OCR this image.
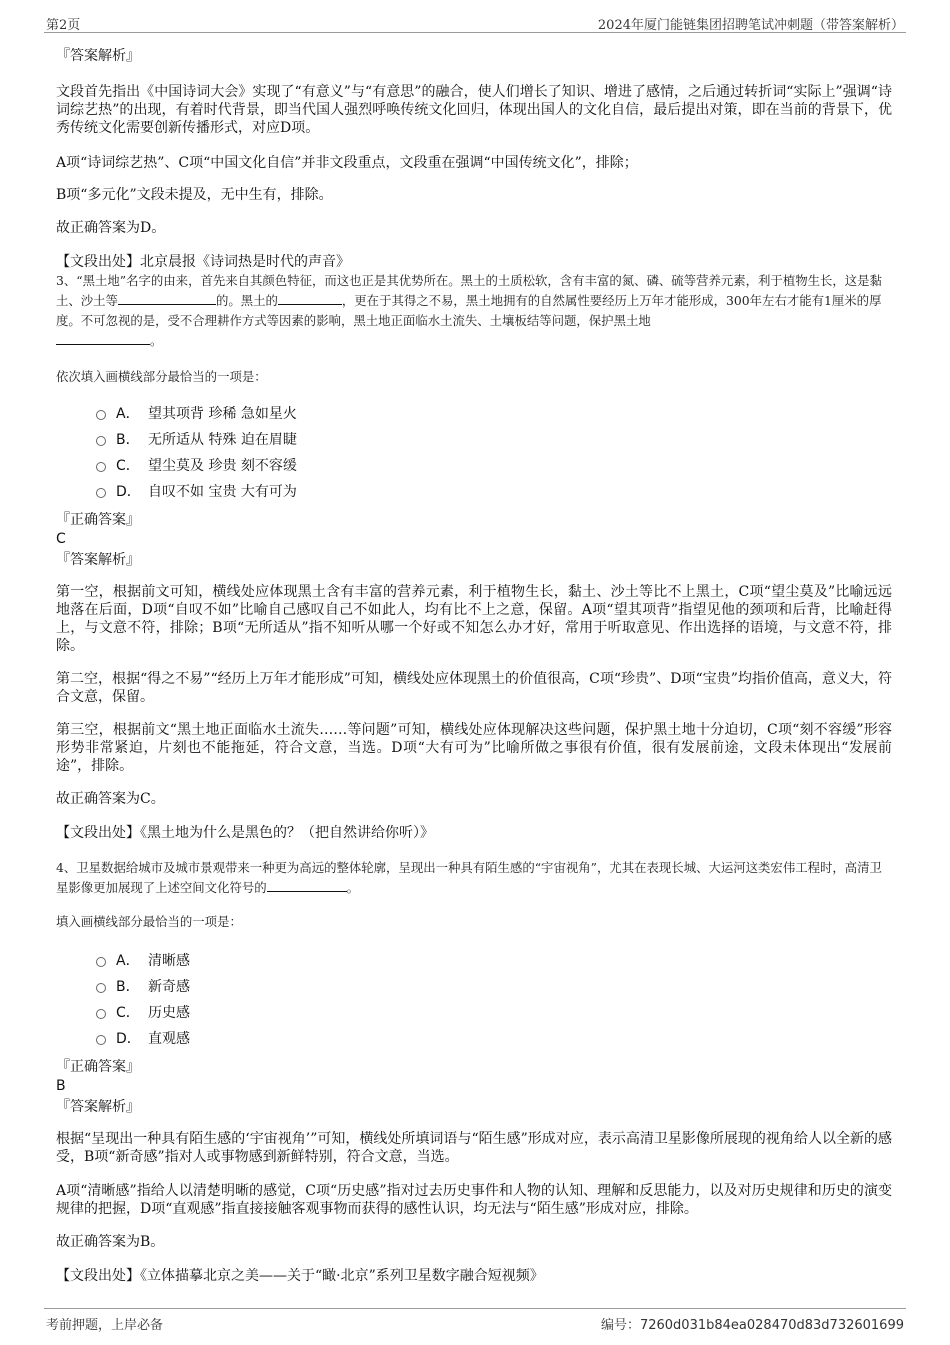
第2页	2024年厦门能链集团招聘笔试冲刺题（带答案解析）

『答案解析』

文段首先指出《中国诗词大会》实现了“有意义”与“有意思”的融合，使人们增长了知识、增进了感情，之后通过转折词“实际上”强调“诗词综艺热”的出现，有着时代背景，即当代国人强烈呼唤传统文化回归，体现出国人的文化自信，最后提出对策，即在当前的背景下，优秀传统文化需要创新传播形式，对应D项。

A项“诗词综艺热”、C项“中国文化自信”并非文段重点，文段重在强调“中国传统文化”，排除；

B项“多元化”文段未提及，无中生有，排除。

故正确答案为D。

【文段出处】北京晨报《诗词热是时代的声音》

3、“黑土地”名字的由来，首先来自其颜色特征，而这也正是其优势所在。黑土的土质松软，含有丰富的氮、磷、硫等营养元素，利于植物生长，这是黏土、沙土等	的。黑土的	，更在于其得之不易，黑土地拥有的自然属性要经历上万年才能形成，300年左右才能有1厘米的厚度。不可忽视的是，受不合理耕作方式等因素的影响，黑土地正面临水土流失、土壤板结等问题，保护黑土地
。

依次填入画横线部分最恰当的一项是：

A． 望其项背 珍稀 急如星火
B． 无所适从 特殊 迫在眉睫
C． 望尘莫及 珍贵 刻不容缓
D． 自叹不如 宝贵 大有可为

『正确答案』

C

『答案解析』

第一空，根据前文可知，横线处应体现黑土含有丰富的营养元素，利于植物生长，黏土、沙土等比不上黑土，C项“望尘莫及”比喻远远地落在后面，D项“自叹不如”比喻自己感叹自己不如此人，均有比不上之意，保留。A项“望其项背”指望见他的颈项和后背，比喻赶得上，与文意不符，排除；B项“无所适从”指不知听从哪一个好或不知怎么办才好，常用于听取意见、作出选择的语境，与文意不符，排除。

第二空，根据“得之不易”“经历上万年才能形成”可知，横线处应体现黑土的价值很高，C项“珍贵”、D项“宝贵”均指价值高，意义大，符合文意，保留。

第三空，根据前文“黑土地正面临水土流失……等问题”可知，横线处应体现解决这些问题，保护黑土地十分迫切，C项“刻不容缓”形容形势非常紧迫，片刻也不能拖延，符合文意，当选。D项“大有可为”比喻所做之事很有价值，很有发展前途，文段未体现出“发展前途”，排除。

故正确答案为C。

【文段出处】《黑土地为什么是黑色的？（把自然讲给你听）》

4、卫星数据给城市及城市景观带来一种更为高远的整体轮廓，呈现出一种具有陌生感的“宇宙视角”，尤其在表现长城、大运河这类宏伟工程时，高清卫星影像更加展现了上述空间文化符号的	。

填入画横线部分最恰当的一项是：

A． 清晰感
B． 新奇感
C． 历史感
D． 直观感

『正确答案』

B

『答案解析』

根据“呈现出一种具有陌生感的‘宇宙视角’”可知，横线处所填词语与“陌生感”形成对应，表示高清卫星影像所展现的视角给人以全新的感受，B项“新奇感”指对人或事物感到新鲜特别，符合文意，当选。

A项“清晰感”指给人以清楚明晰的感觉，C项“历史感”指对过去历史事件和人物的认知、理解和反思能力，以及对历史规律和历史的演变规律的把握，D项“直观感”指直接接触客观事物而获得的感性认识，均无法与“陌生感”形成对应，排除。

故正确答案为B。

【文段出处】《立体描摹北京之美——关于“瞰·北京”系列卫星数字融合短视频》

考前押题，上岸必备	编号：7260d031b84ea028470d83d732601699
